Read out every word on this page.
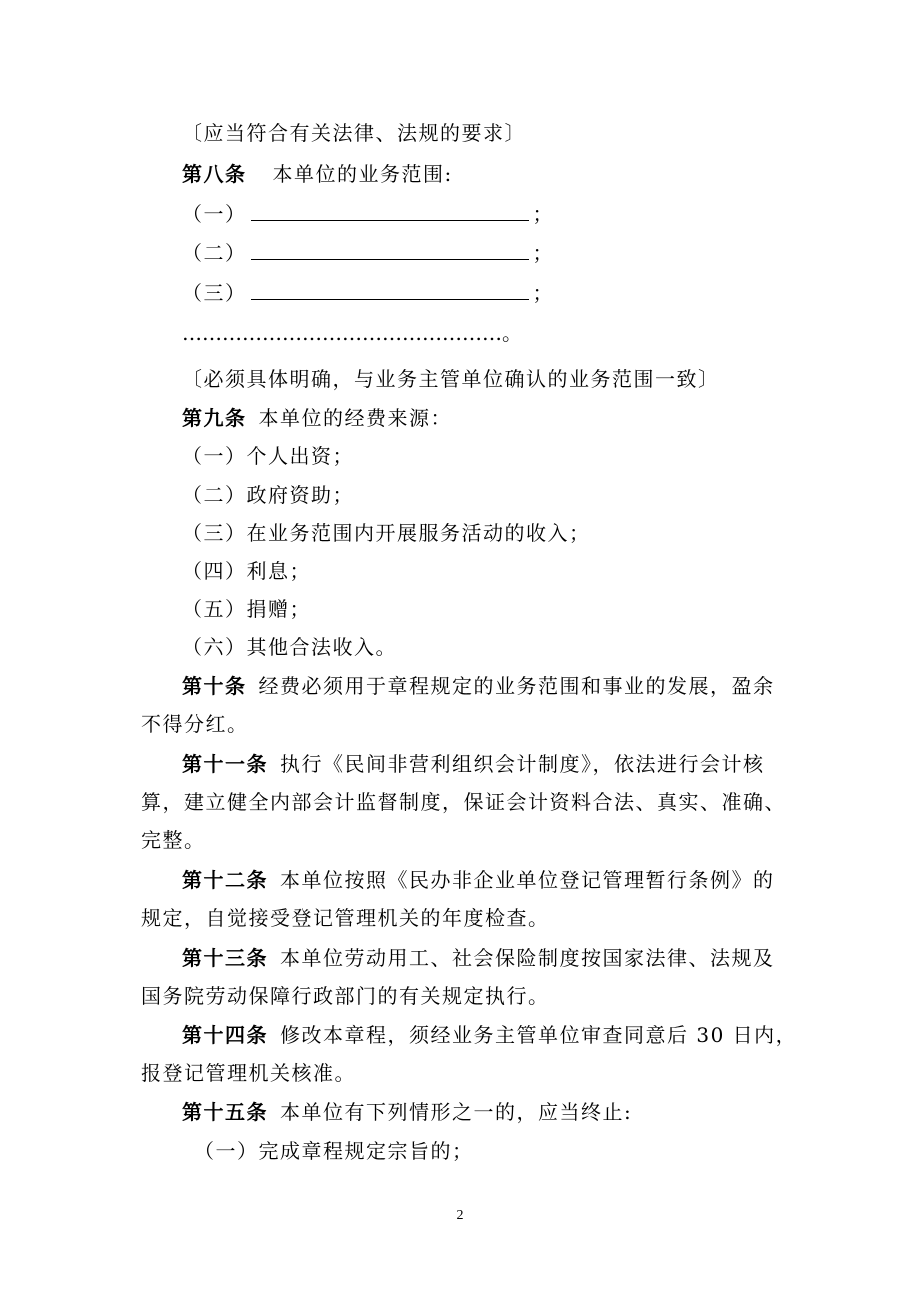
〔应当符合有关法律、法规的要求〕
第八条 本单位的业务范围:
（一）	；
（二）	；
（三）	；
…………………………………………。
〔必须具体明确，与业务主管单位确认的业务范围一致〕
第九条 本单位的经费来源：
（一）个人出资；
（二）政府资助；
（三）在业务范围内开展服务活动的收入；
（四）利息；
（五）捐赠；
（六）其他合法收入。
第十条 经费必须用于章程规定的业务范围和事业的发展，盈余
不得分红。
第十一条 执行《民间非营利组织会计制度》，依法进行会计核
算，建立健全内部会计监督制度，保证会计资料合法、真实、准确、
完整。
第十二条 本单位按照《民办非企业单位登记管理暂行条例》的
规定，自觉接受登记管理机关的年度检查。
第十三条 本单位劳动用工、社会保险制度按国家法律、法规及
国务院劳动保障行政部门的有关规定执行。
第十四条 修改本章程，须经业务主管单位审查同意后 30 日内，
报登记管理机关核准。
第十五条 本单位有下列情形之一的，应当终止:
（一）完成章程规定宗旨的；
2
